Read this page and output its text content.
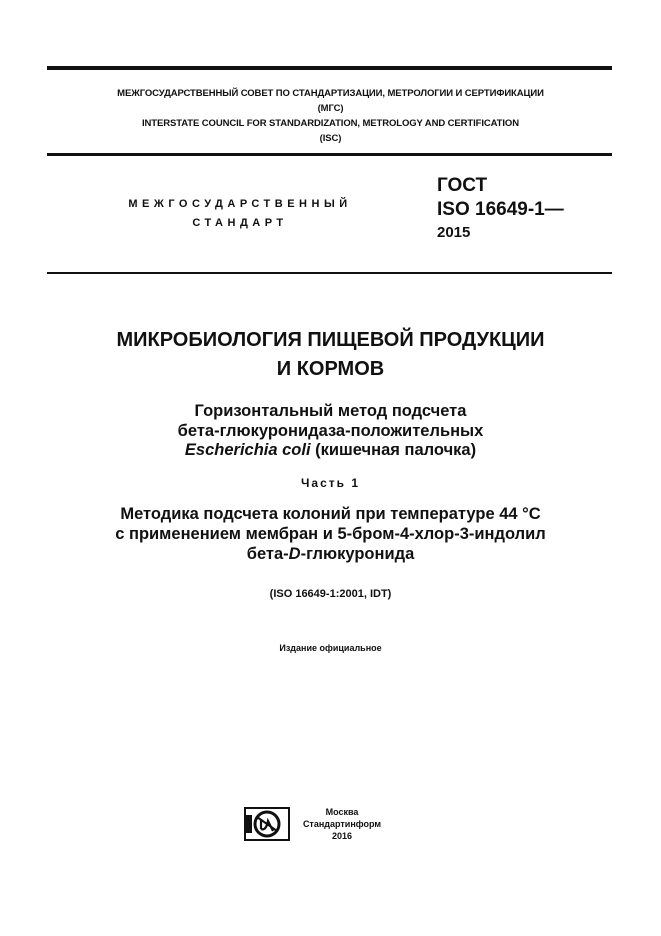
МЕЖГОСУДАРСТВЕННЫЙ СОВЕТ ПО СТАНДАРТИЗАЦИИ, МЕТРОЛОГИИ И СЕРТИФИКАЦИИ
(МГС)
INTERSTATE COUNCIL FOR STANDARDIZATION, METROLOGY AND CERTIFICATION
(ISC)
МЕЖГОСУДАРСТВЕННЫЙ
СТАНДАРТ
ГОСТ
ISO 16649-1—
2015
МИКРОБИОЛОГИЯ ПИЩЕВОЙ ПРОДУКЦИИ
И КОРМОВ
Горизонтальный метод подсчета
бета-глюкуронидаза-положительных
Escherichia coli (кишечная палочка)
Часть 1
Методика подсчета колоний при температуре 44 °С
с применением мембран и 5-бром-4-хлор-3-индолил
бета-D-глюкуронида
(ISO 16649-1:2001, IDT)
Издание официальное
Москва
Стандартинформ
2016
